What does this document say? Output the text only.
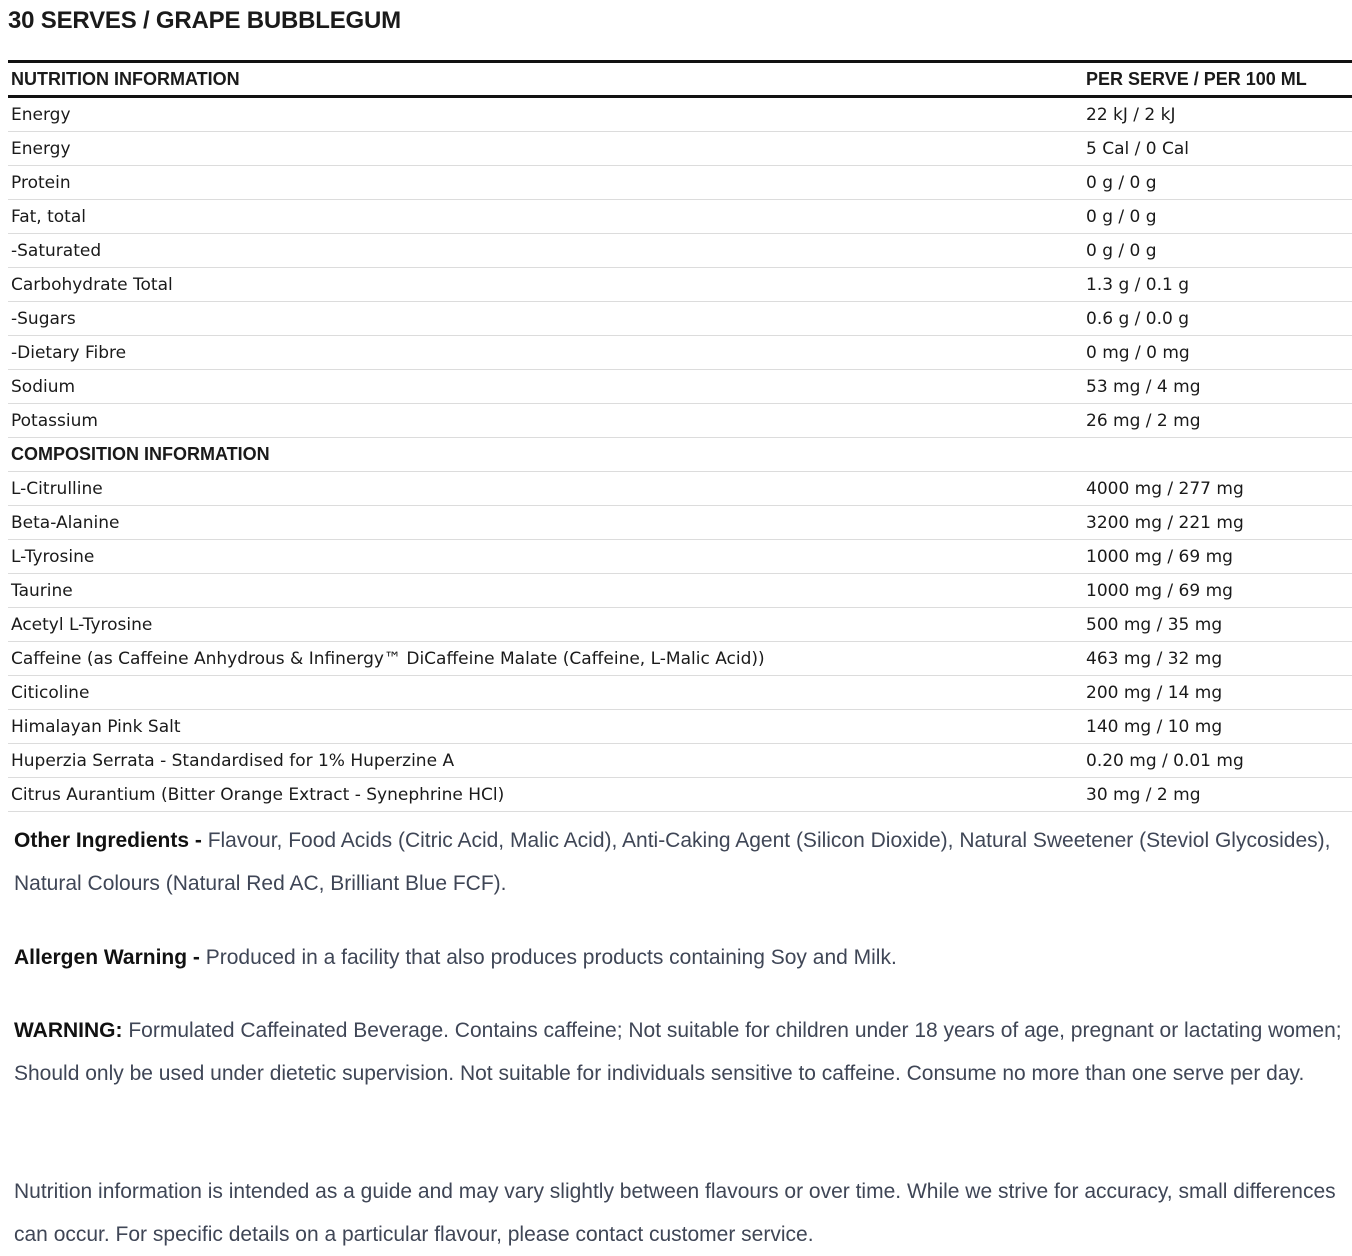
30 SERVES / GRAPE BUBBLEGUM
NUTRITION INFORMATION	PER SERVE / PER 100 ML
Energy	22 kJ / 2 kJ
Energy	5 Cal / 0 Cal
Protein	0 g / 0 g
Fat, total	0 g / 0 g
-Saturated	0 g / 0 g
Carbohydrate Total	1.3 g / 0.1 g
-Sugars	0.6 g / 0.0 g
-Dietary Fibre	0 mg / 0 mg
Sodium	53 mg / 4 mg
Potassium	26 mg / 2 mg
COMPOSITION INFORMATION	
L-Citrulline	4000 mg / 277 mg
Beta-Alanine	3200 mg / 221 mg
L-Tyrosine	1000 mg / 69 mg
Taurine	1000 mg / 69 mg
Acetyl L-Tyrosine	500 mg / 35 mg
Caffeine (as Caffeine Anhydrous & Infinergy™ DiCaffeine Malate (Caffeine, L-Malic Acid))	463 mg / 32 mg
Citicoline	200 mg / 14 mg
Himalayan Pink Salt	140 mg / 10 mg
Huperzia Serrata - Standardised for 1% Huperzine A	0.20 mg / 0.01 mg
Citrus Aurantium (Bitter Orange Extract - Synephrine HCl)	30 mg / 2 mg

Other Ingredients - Flavour, Food Acids (Citric Acid, Malic Acid), Anti-Caking Agent (Silicon Dioxide), Natural Sweetener (Steviol Glycosides), Natural Colours (Natural Red AC, Brilliant Blue FCF).

Allergen Warning - Produced in a facility that also produces products containing Soy and Milk.

WARNING: Formulated Caffeinated Beverage. Contains caffeine; Not suitable for children under 18 years of age, pregnant or lactating women; Should only be used under dietetic supervision. Not suitable for individuals sensitive to caffeine. Consume no more than one serve per day.

Nutrition information is intended as a guide and may vary slightly between flavours or over time. While we strive for accuracy, small differences can occur. For specific details on a particular flavour, please contact customer service.
